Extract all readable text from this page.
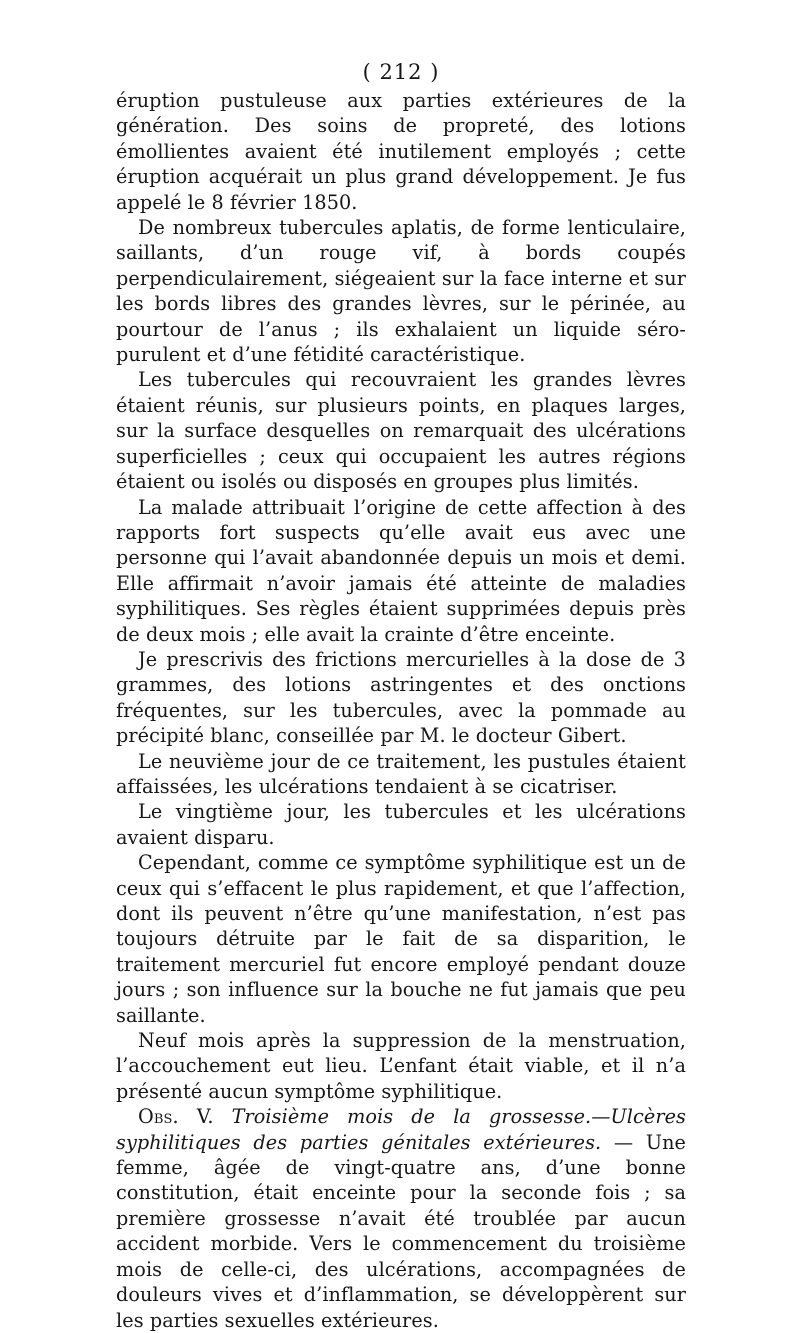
( 212 )

éruption pustuleuse aux parties extérieures de la génération. Des soins de propreté, des lotions émollientes avaient été inutilement employés ; cette éruption acquérait un plus grand développement. Je fus appelé le 8 février 1850.

De nombreux tubercules aplatis, de forme lenticulaire, saillants, d’un rouge vif, à bords coupés perpendiculairement, siégeaient sur la face interne et sur les bords libres des grandes lèvres, sur le périnée, au pourtour de l’anus ; ils exhalaient un liquide séro-purulent et d’une fétidité caractéristique.

Les tubercules qui recouvraient les grandes lèvres étaient réunis, sur plusieurs points, en plaques larges, sur la surface desquelles on remarquait des ulcérations superficielles ; ceux qui occupaient les autres régions étaient ou isolés ou disposés en groupes plus limités.

La malade attribuait l’origine de cette affection à des rapports fort suspects qu’elle avait eus avec une personne qui l’avait abandonnée depuis un mois et demi. Elle affirmait n’avoir jamais été atteinte de maladies syphilitiques. Ses règles étaient supprimées depuis près de deux mois ; elle avait la crainte d’être enceinte.

Je prescrivis des frictions mercurielles à la dose de 3 grammes, des lotions astringentes et des onctions fréquentes, sur les tubercules, avec la pommade au précipité blanc, conseillée par M. le docteur Gibert.

Le neuvième jour de ce traitement, les pustules étaient affaissées, les ulcérations tendaient à se cicatriser.

Le vingtième jour, les tubercules et les ulcérations avaient disparu.

Cependant, comme ce symptôme syphilitique est un de ceux qui s’effacent le plus rapidement, et que l’affection, dont ils peuvent n’être qu’une manifestation, n’est pas toujours détruite par le fait de sa disparition, le traitement mercuriel fut encore employé pendant douze jours ; son influence sur la bouche ne fut jamais que peu saillante.

Neuf mois après la suppression de la menstruation, l’accouchement eut lieu. L’enfant était viable, et il n’a présenté aucun symptôme syphilitique.

Obs. V. Troisième mois de la grossesse.—Ulcères syphilitiques des parties génitales extérieures. — Une femme, âgée de vingt-quatre ans, d’une bonne constitution, était enceinte pour la seconde fois ; sa première grossesse n’avait été troublée par aucun accident morbide. Vers le commencement du troisième mois de celle-ci, des ulcérations, accompagnées de douleurs vives et d’inflammation, se développèrent sur les parties sexuelles extérieures.
